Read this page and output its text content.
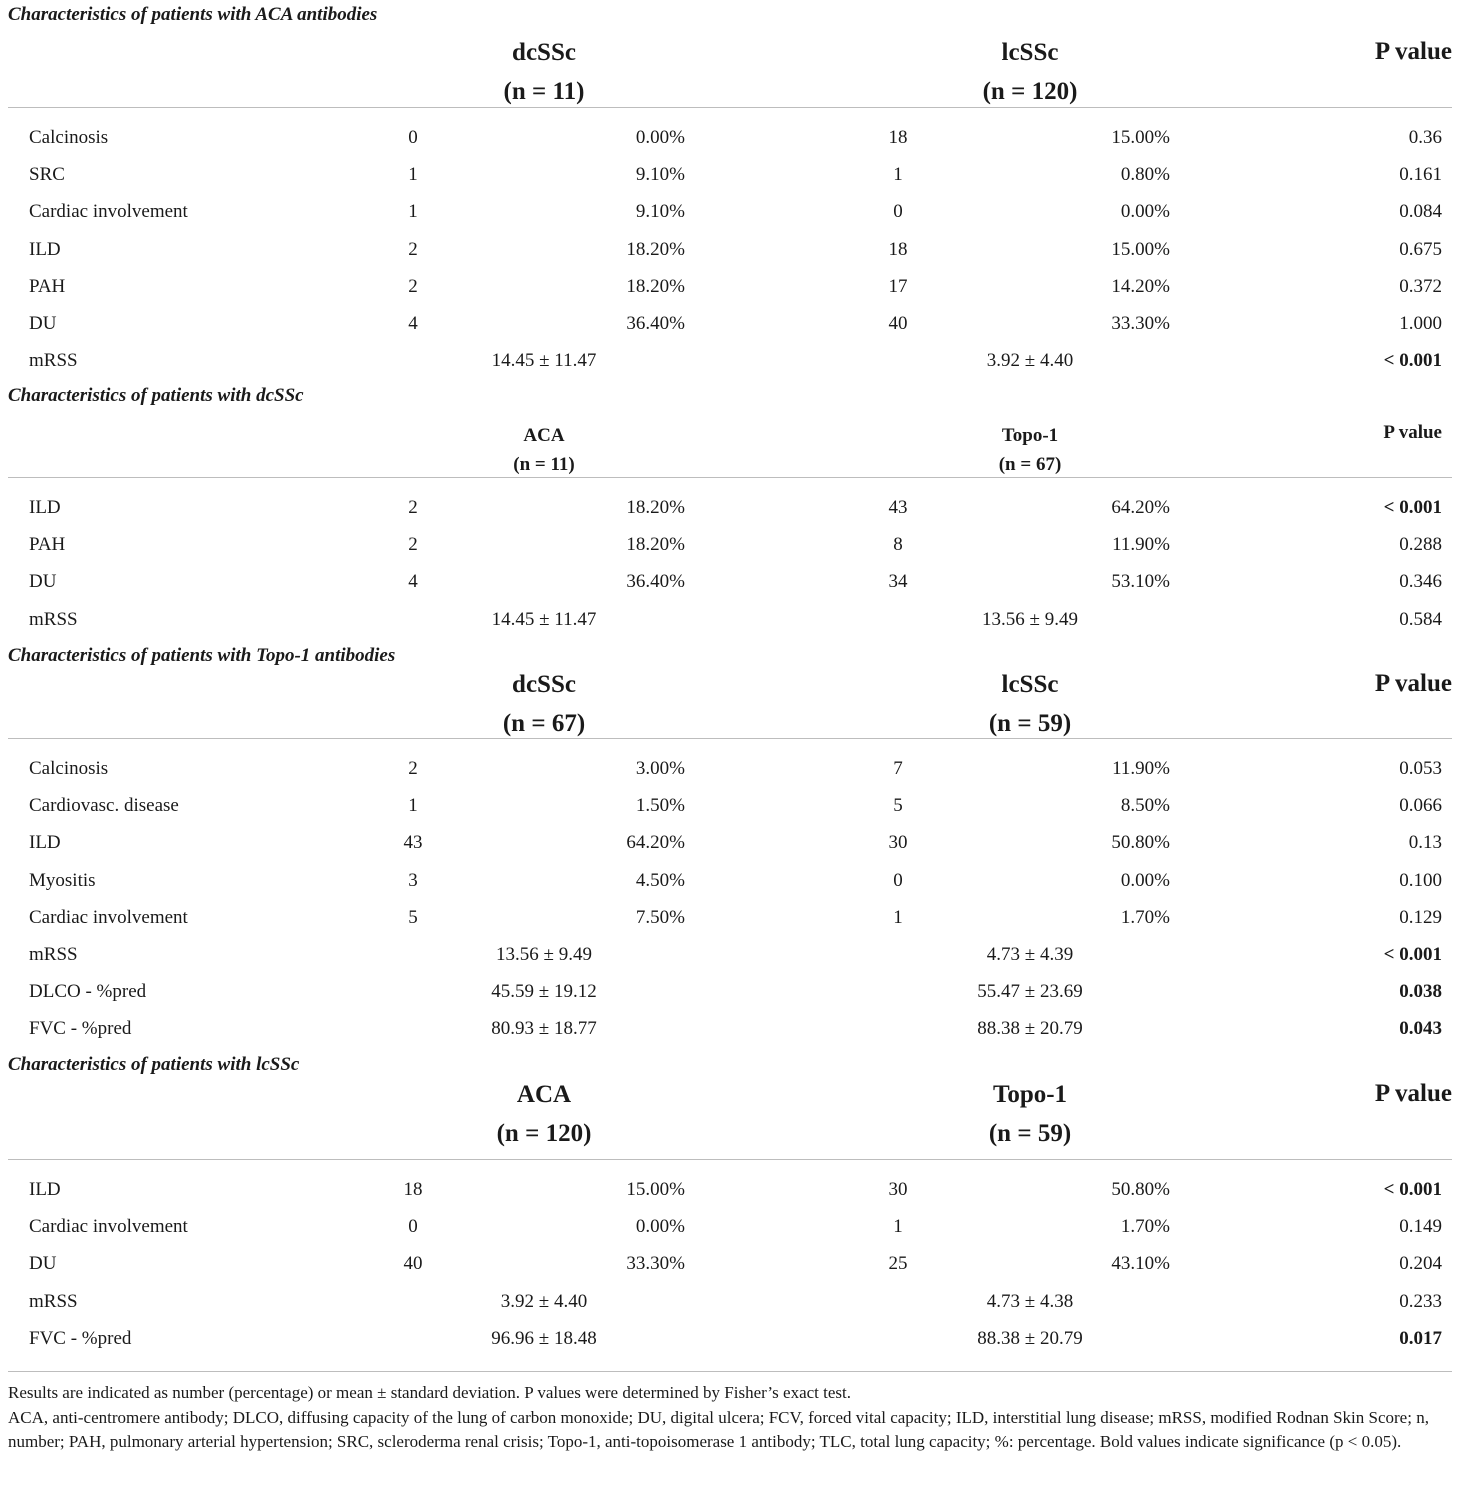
Characteristics of patients with ACA antibodies
dcSSc
(n = 11)
lcSSc
(n = 120)
P value
Calcinosis	0	0.00%	18	15.00%	0.36
SRC	1	9.10%	1	0.80%	0.161
Cardiac involvement	1	9.10%	0	0.00%	0.084
ILD	2	18.20%	18	15.00%	0.675
PAH	2	18.20%	17	14.20%	0.372
DU	4	36.40%	40	33.30%	1.000
mRSS	14.45 ± 11.47	3.92 ± 4.40	< 0.001
Characteristics of patients with dcSSc
ACA
(n = 11)
Topo-1
(n = 67)
P value
ILD	2	18.20%	43	64.20%	< 0.001
PAH	2	18.20%	8	11.90%	0.288
DU	4	36.40%	34	53.10%	0.346
mRSS	14.45 ± 11.47	13.56 ± 9.49	0.584
Characteristics of patients with Topo-1 antibodies
dcSSc
(n = 67)
lcSSc
(n = 59)
P value
Calcinosis	2	3.00%	7	11.90%	0.053
Cardiovasc. disease	1	1.50%	5	8.50%	0.066
ILD	43	64.20%	30	50.80%	0.13
Myositis	3	4.50%	0	0.00%	0.100
Cardiac involvement	5	7.50%	1	1.70%	0.129
mRSS	13.56 ± 9.49	4.73 ± 4.39	< 0.001
DLCO - %pred	45.59 ± 19.12	55.47 ± 23.69	0.038
FVC - %pred	80.93 ± 18.77	88.38 ± 20.79	0.043
Characteristics of patients with lcSSc
ACA
(n = 120)
Topo-1
(n = 59)
P value
ILD	18	15.00%	30	50.80%	< 0.001
Cardiac involvement	0	0.00%	1	1.70%	0.149
DU	40	33.30%	25	43.10%	0.204
mRSS	3.92 ± 4.40	4.73 ± 4.38	0.233
FVC - %pred	96.96 ± 18.48	88.38 ± 20.79	0.017

Results are indicated as number (percentage) or mean ± standard deviation. P values were determined by Fisher’s exact test.

ACA, anti-centromere antibody; DLCO, diffusing capacity of the lung of carbon monoxide; DU, digital ulcera; FCV, forced vital capacity; ILD, interstitial lung disease; mRSS, modified Rodnan Skin Score; n, number; PAH, pulmonary arterial hypertension; SRC, scleroderma renal crisis; Topo-1, anti-topoisomerase 1 antibody; TLC, total lung capacity; %: percentage. Bold values indicate significance (p < 0.05).
